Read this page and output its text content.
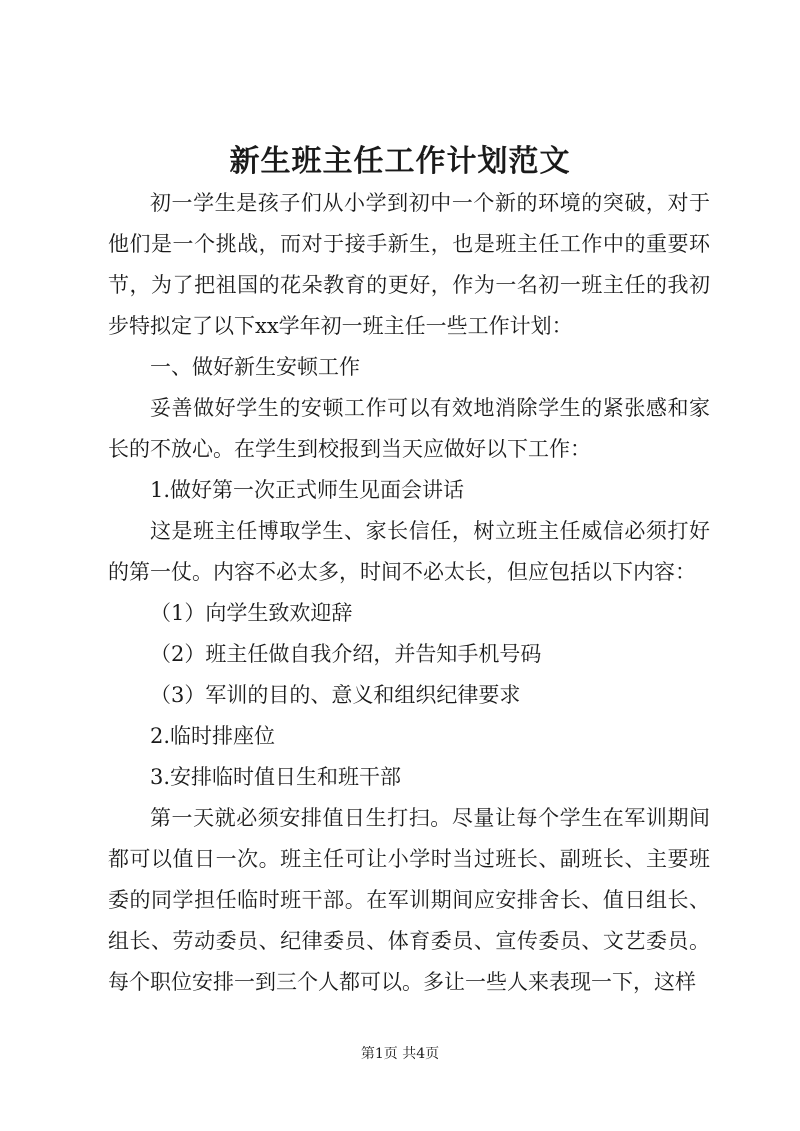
新生班主任工作计划范文

初一学生是孩子们从小学到初中一个新的环境的突破，对于他们是一个挑战，而对于接手新生，也是班主任工作中的重要环节，为了把祖国的花朵教育的更好，作为一名初一班主任的我初步特拟定了以下xx学年初一班主任一些工作计划：

一、做好新生安顿工作

妥善做好学生的安顿工作可以有效地消除学生的紧张感和家长的不放心。在学生到校报到当天应做好以下工作：

1.做好第一次正式师生见面会讲话

这是班主任博取学生、家长信任，树立班主任威信必须打好的第一仗。内容不必太多，时间不必太长，但应包括以下内容：

（1）向学生致欢迎辞

（2）班主任做自我介绍，并告知手机号码

（3）军训的目的、意义和组织纪律要求

2.临时排座位

3.安排临时值日生和班干部

第一天就必须安排值日生打扫。尽量让每个学生在军训期间都可以值日一次。班主任可让小学时当过班长、副班长、主要班委的同学担任临时班干部。在军训期间应安排舍长、值日组长、组长、劳动委员、纪律委员、体育委员、宣传委员、文艺委员。每个职位安排一到三个人都可以。多让一些人来表现一下，这样

第1页 共4页
